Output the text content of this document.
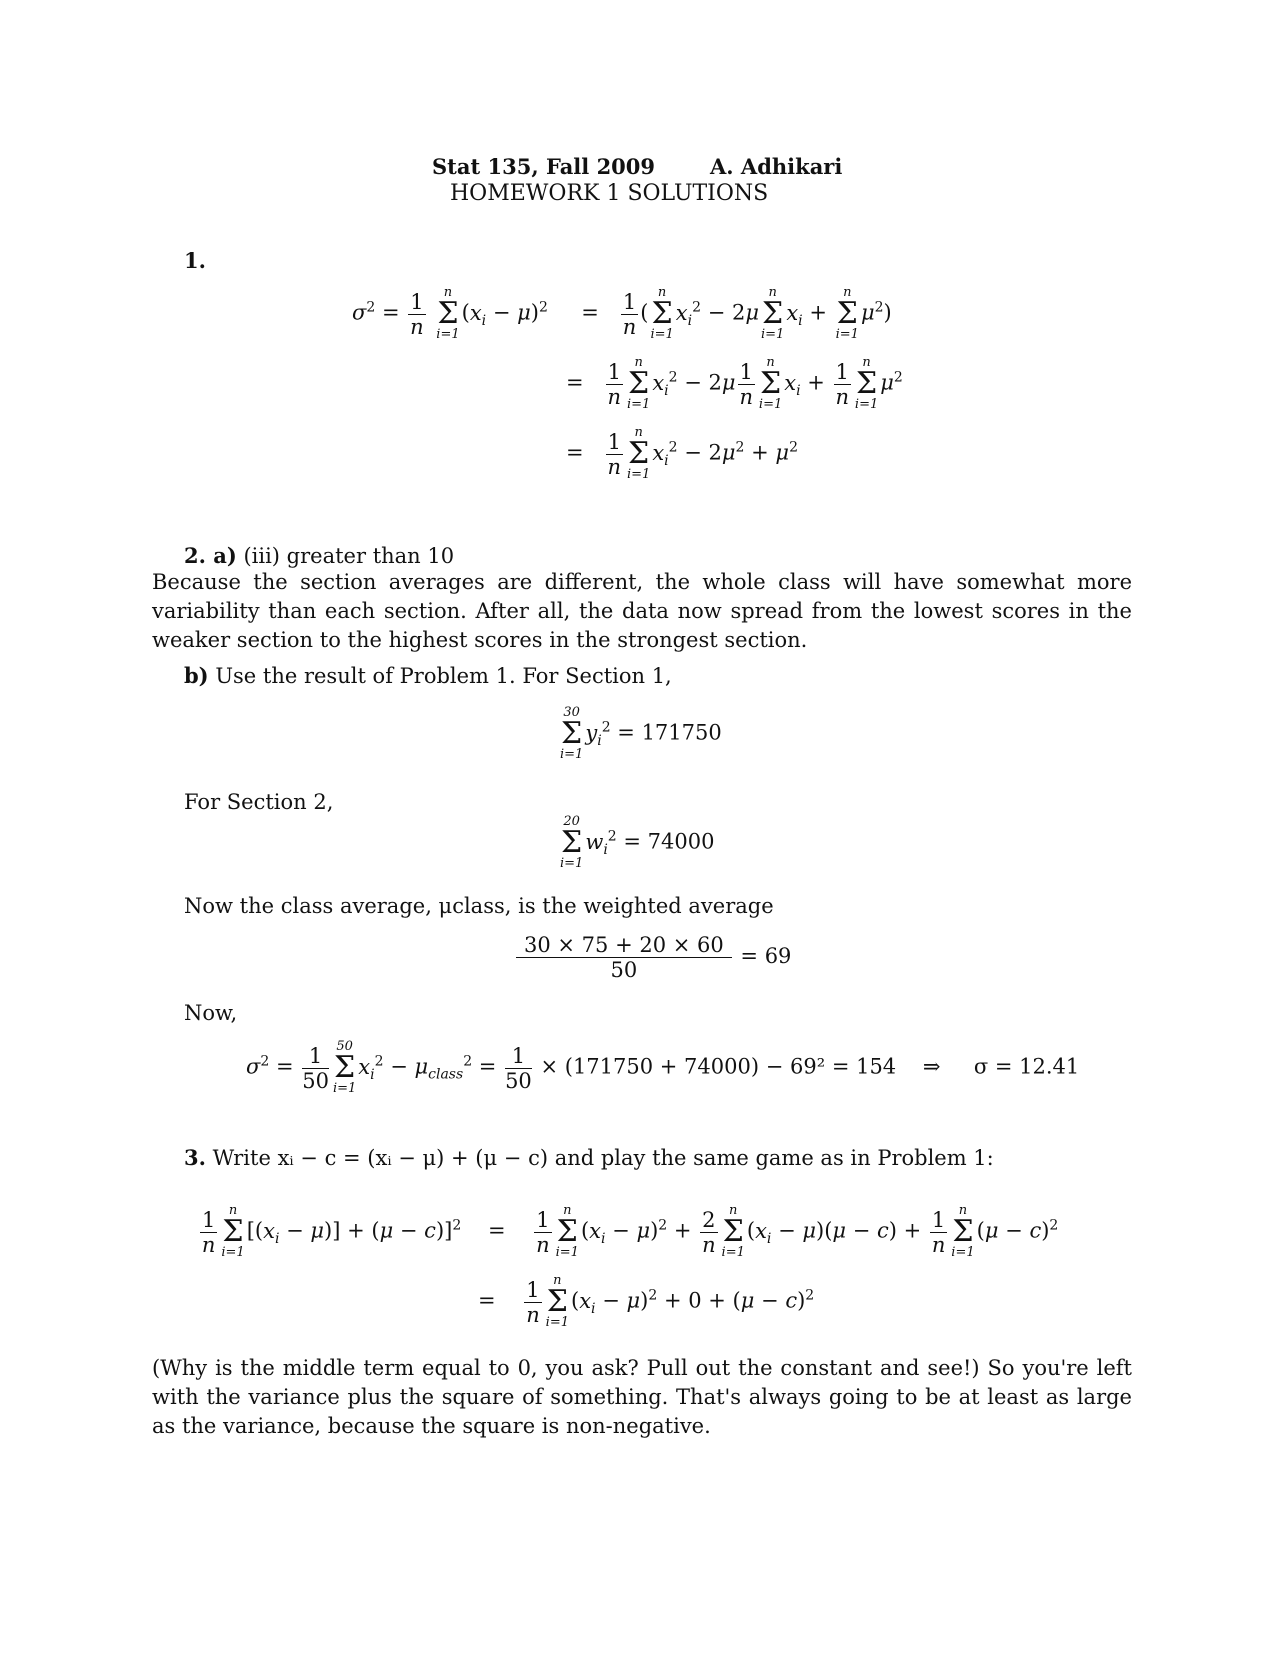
Stat 135, Fall 2009	A. Adhikari
HOMEWORK 1 SOLUTIONS
1.
$\sigma^2 = \frac{1}{n}$
	n
Σ
i=1
$(x_i - \mu)^2$     = $\frac{1}{n}$ (
n
Σ
i=1
$x_i^2 - 2\mu$
n
Σ
i=1
$x_i$ +
n
Σ
i=1
$\mu^2$)
= $\frac{1}{n}$ n
Σ
i=1
$x_i^2 - 2\mu \frac{1}{n}$ n
Σ
i=1
$x_i + \frac{1}{n}$ n
Σ
i=1
$\mu^2$
= $\frac{1}{n}$ n
Σ
i=1
$x_i^2 - 2\mu^2 + \mu^2$
2. a) (iii) greater than 10
Because the section averages are different, the whole class will have somewhat more variability than each section. After all, the data now spread from the lowest scores in the weaker section to the highest scores in the strongest section.
b) Use the result of Problem 1. For Section 1,
30
Σ
i=1
$y_i^2 = 171750$
For Section 2,
20
Σ
i=1
$w_i^2 = 74000$
Now the class average, μclass, is the weighted average
$\frac{30 \times 75 + 20 \times 60}{50} = 69$
Now,
$\sigma^2 = \frac{1}{50} 50$
Σ
i=1
$x_i^2 - \mu_{class}^2 = \frac{1}{50} \times (171750 + 74000) - 69^2 = 154$ ⇒ σ = 12.41
3. Write xᵢ − c = (xᵢ − μ) + (μ − c) and play the same game as in Problem 1:
$\frac{1}{n}$ n
Σ
i=1
$[(x_i - \mu)] + (\mu - c)]^2$    = $\frac{1}{n}$ n
Σ
i=1
$(x_i - \mu)^2 + \frac{2}{n}$ n
Σ
i=1
$(x_i - \mu)(\mu - c) + \frac{1}{n}$ n
Σ
i=1
$(\mu - c)^2$
= $\frac{1}{n}$ n
Σ
i=1
$(x_i - \mu)^2 + 0 + (\mu - c)^2$
(Why is the middle term equal to 0, you ask? Pull out the constant and see!) So you're left with the variance plus the square of something. That's always going to be at least as large as the variance, because the square is non-negative.
